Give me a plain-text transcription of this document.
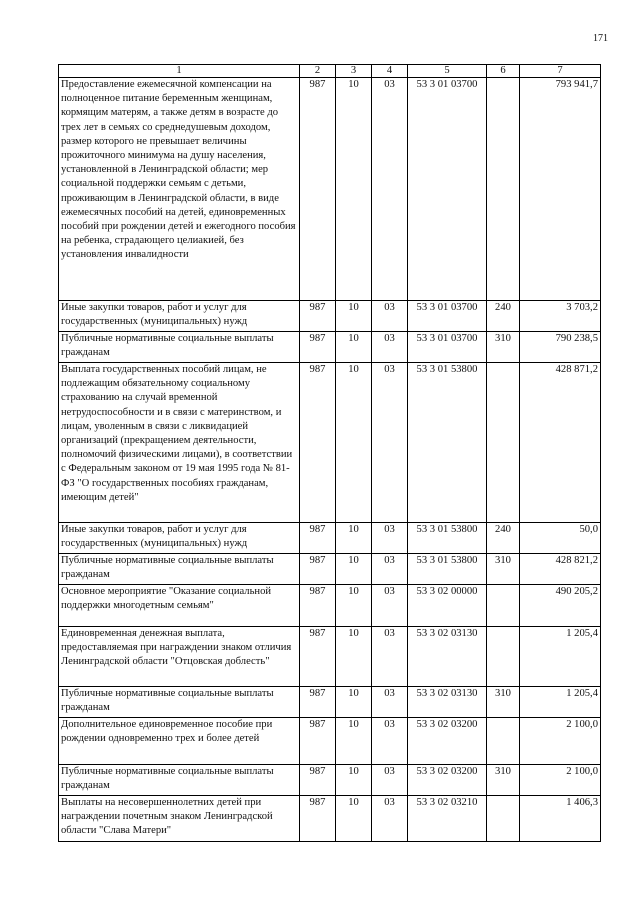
171
1	2	3	4	5	6	7
Предоставление ежемесячной компенсации на полноценное питание беременным женщинам, кормящим матерям, а также детям в возрасте до трех лет в семьях со среднедушевым доходом, размер которого не превышает величины прожиточного минимума на душу населения, установленной в Ленинградской области; мер социальной поддержки семьям с детьми, проживающим в Ленинградской области, в виде ежемесячных пособий на детей, единовременных пособий при рождении детей и ежегодного пособия на ребенка, страдающего целиакией, без установления инвалидности	987	10	03	53 3 01 03700		793 941,7
Иные закупки товаров, работ и услуг для государственных (муниципальных) нужд	987	10	03	53 3 01 03700	240	3 703,2
Публичные нормативные социальные выплаты гражданам	987	10	03	53 3 01 03700	310	790 238,5
Выплата государственных пособий лицам, не подлежащим обязательному социальному страхованию на случай временной нетрудоспособности и в связи с материнством, и лицам, уволенным в связи с ликвидацией организаций (прекращением деятельности, полномочий физическими лицами), в соответствии с Федеральным законом от 19 мая 1995 года № 81-ФЗ "О государственных пособиях гражданам, имеющим детей"	987	10	03	53 3 01 53800		428 871,2
Иные закупки товаров, работ и услуг для государственных (муниципальных) нужд	987	10	03	53 3 01 53800	240	50,0
Публичные нормативные социальные выплаты гражданам	987	10	03	53 3 01 53800	310	428 821,2
Основное мероприятие "Оказание социальной поддержки многодетным семьям"	987	10	03	53 3 02 00000		490 205,2
Единовременная денежная выплата, предоставляемая при награждении знаком отличия Ленинградской области "Отцовская доблесть"	987	10	03	53 3 02 03130		1 205,4
Публичные нормативные социальные выплаты гражданам	987	10	03	53 3 02 03130	310	1 205,4
Дополнительное единовременное пособие при рождении одновременно трех и более детей	987	10	03	53 3 02 03200		2 100,0
Публичные нормативные социальные выплаты гражданам	987	10	03	53 3 02 03200	310	2 100,0
Выплаты на несовершеннолетних детей при награждении почетным знаком Ленинградской области "Слава Матери"	987	10	03	53 3 02 03210		1 406,3
